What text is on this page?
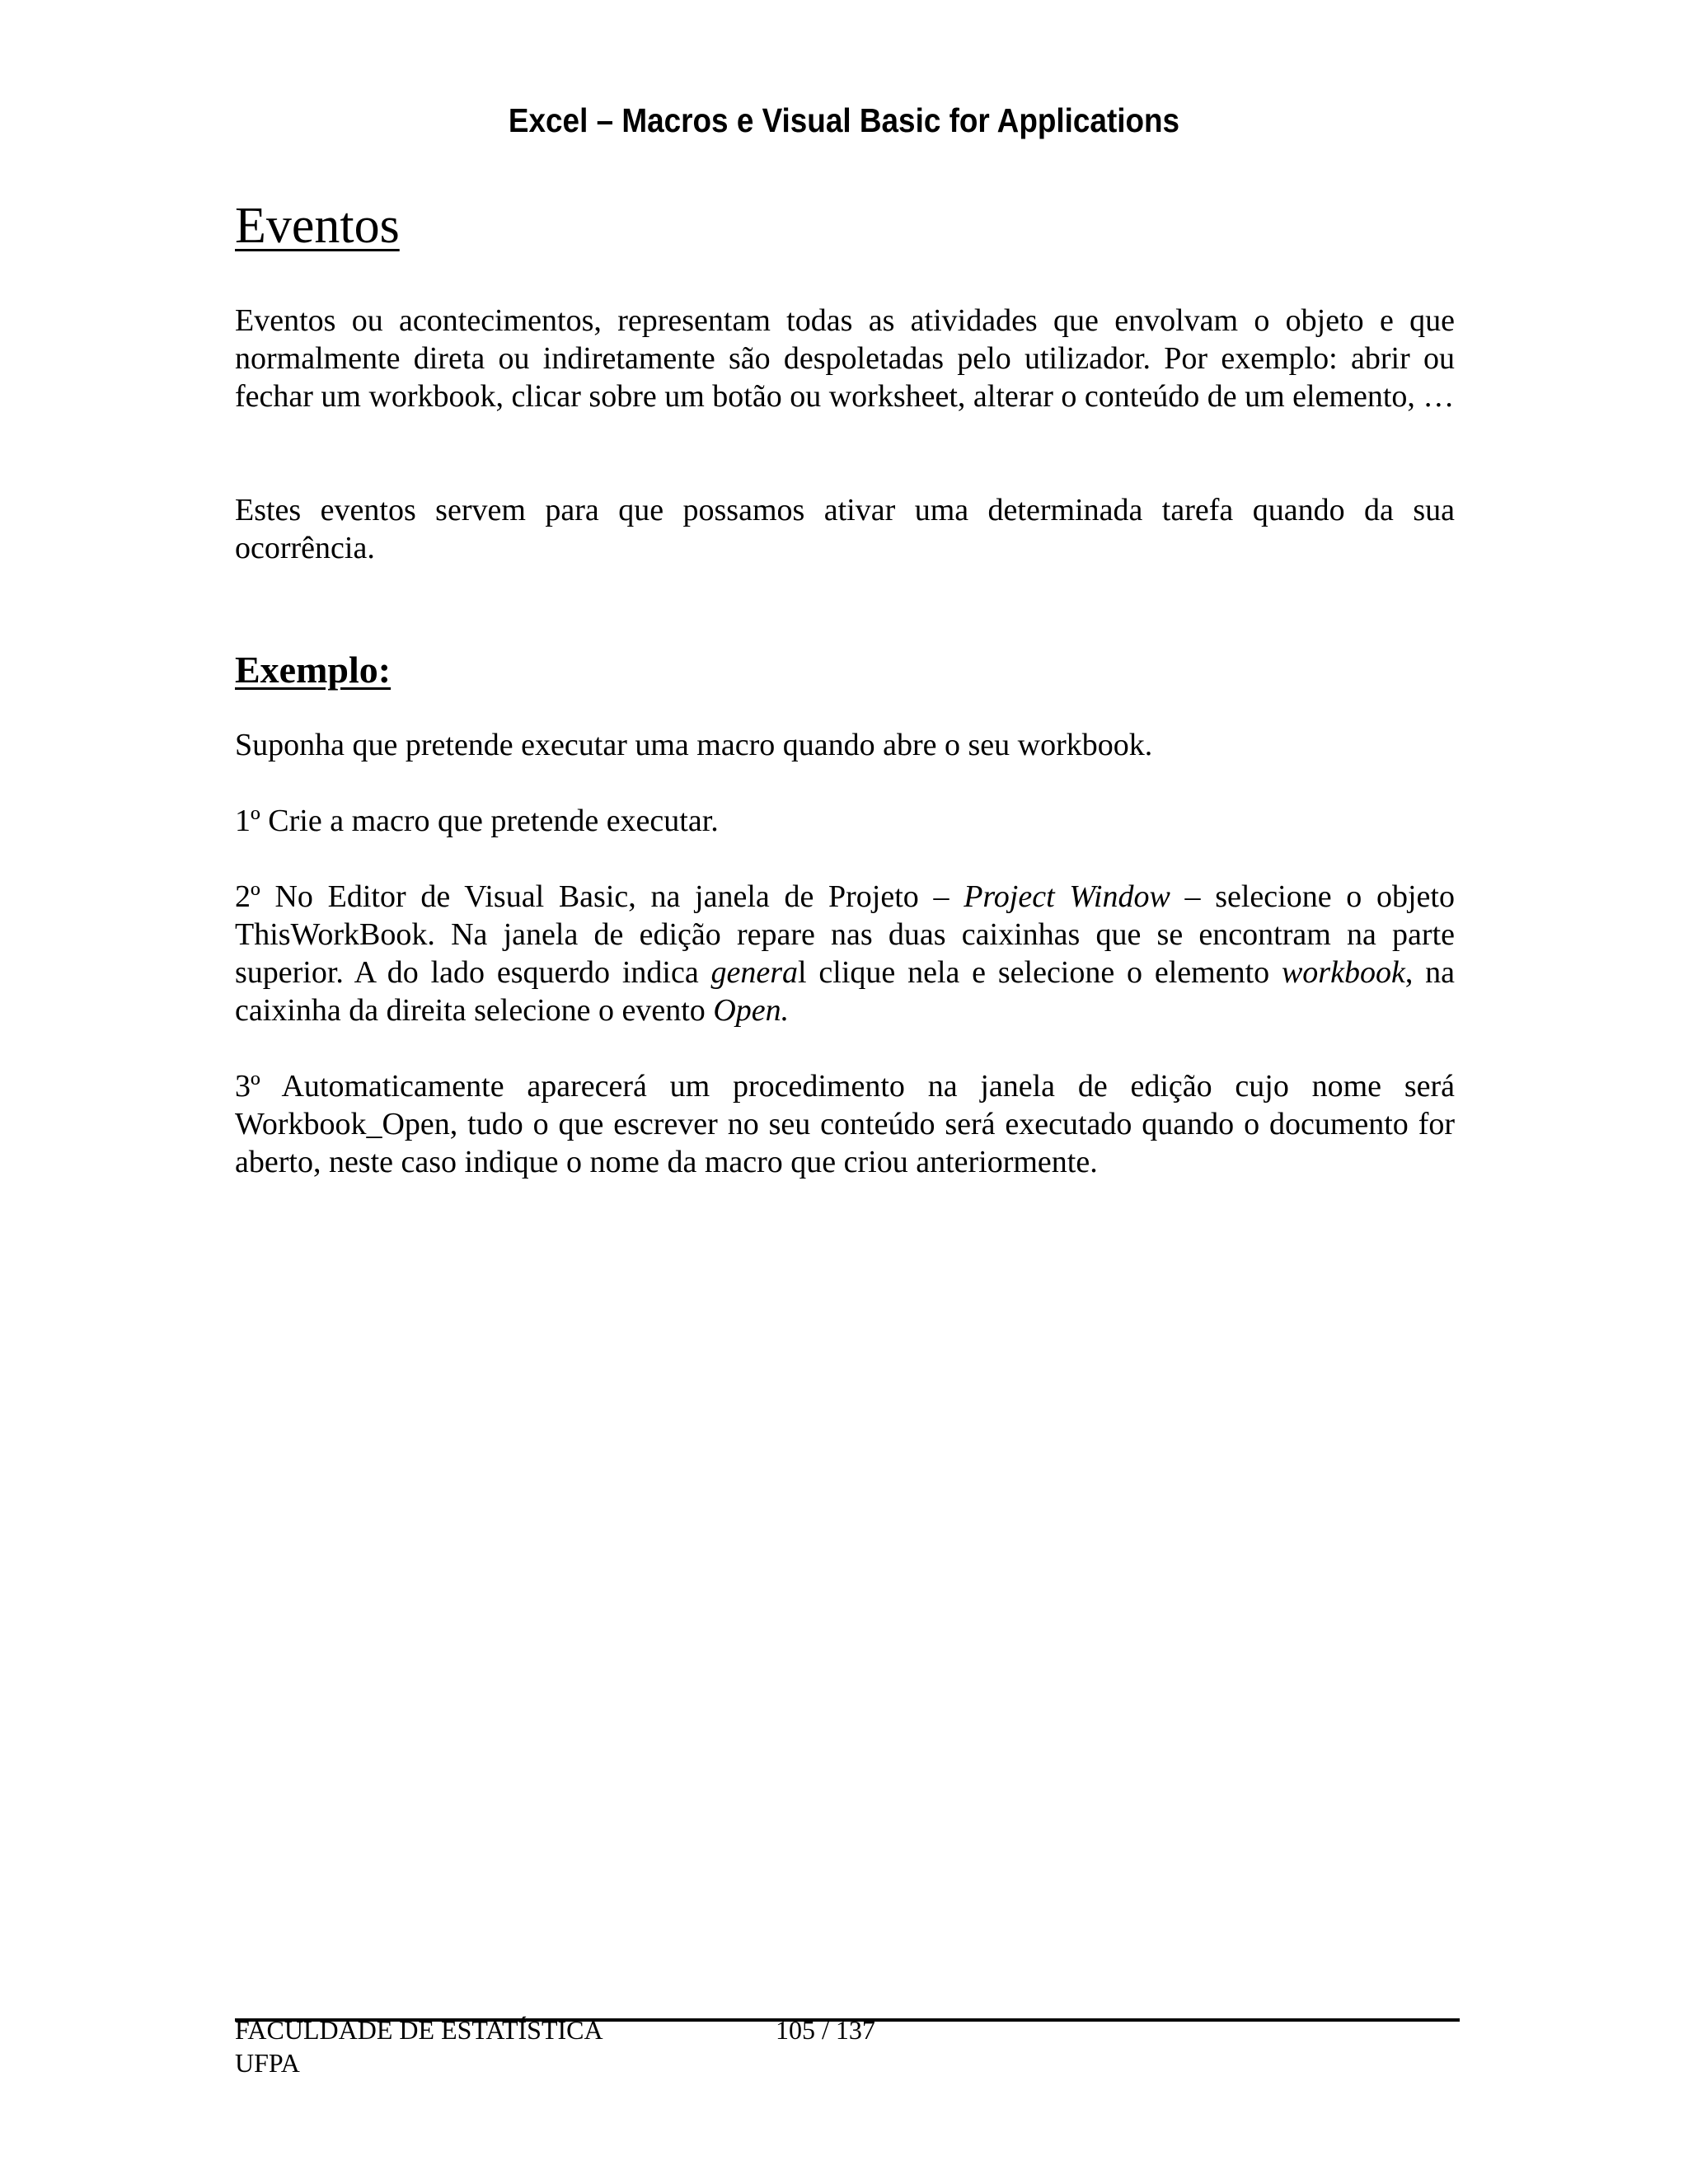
Excel – Macros e Visual Basic for Applications
Eventos

Eventos ou acontecimentos, representam todas as atividades que envolvam o objeto e que normalmente direta ou indiretamente são despoletadas pelo utilizador. Por exemplo: abrir ou fechar um workbook, clicar sobre um botão ou worksheet, alterar o conteúdo de um elemento, …

Estes eventos servem para que possamos ativar uma determinada tarefa quando da sua ocorrência.

Exemplo:

Suponha que pretende executar uma macro quando abre o seu workbook.

1º Crie a macro que pretende executar.

2º No Editor de Visual Basic, na janela de Projeto – Project Window – selecione o objeto ThisWorkBook. Na janela de edição repare nas duas caixinhas que se encontram na parte superior. A do lado esquerdo indica general clique nela e selecione o elemento workbook, na caixinha da direita selecione o evento Open.

3º Automaticamente aparecerá um procedimento na janela de edição cujo nome será Workbook_Open, tudo o que escrever no seu conteúdo será executado quando o documento for aberto, neste caso indique o nome da macro que criou anteriormente.

FACULDADE DE ESTATÍSTICA
UFPA
105 / 137
